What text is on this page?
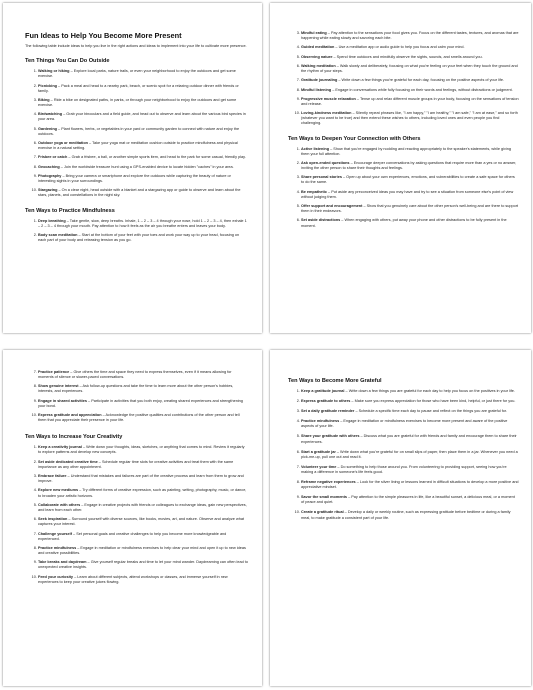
Fun Ideas to Help You Become More Present
The following table include ideas to help you live in the right actions and ideas to implement into your life to cultivate more presence.
Ten Things You Can Do Outside
1. Walking or hiking – Explore local parks, nature trails, or even your neighborhood to enjoy the outdoors and get some exercise.
2. Picnicking – Pack a meal and head to a nearby park, beach, or scenic spot for a relaxing outdoor dinner with friends or family.
3. Biking – Ride a bike on designated paths, in parks, or through your neighborhood to enjoy the outdoors and get some exercise.
4. Birdwatching – Grab your binoculars and a field guide, and head out to observe and learn about the various bird species in your area.
5. Gardening – Plant flowers, herbs, or vegetables in your yard or community garden to connect with nature and enjoy the outdoors.
6. Outdoor yoga or meditation – Take your yoga mat or meditation cushion outside to practice mindfulness and physical exercise in a natural setting.
7. Frisbee or catch – Grab a frisbee, a ball, or another simple sports item, and head to the park for some casual, friendly play.
8. Geocaching – Join the worldwide treasure hunt using a GPS-enabled device to locate hidden "caches" in your area.
9. Photography – Bring your camera or smartphone and explore the outdoors while capturing the beauty of nature or interesting sights in your surroundings.
10. Stargazing – On a clear night, head outside with a blanket and a stargazing app or guide to observe and learn about the stars, planets, and constellations in the night sky.
Ten Ways to Practice Mindfulness
1. Deep breathing – Take gentle, slow, deep breaths. Inhale, 1 – 2 – 3 – 4 through your nose, hold 1 – 2 – 3 – 4, then exhale 1 – 2 – 3 – 4 through your mouth. Pay attention to how it feels as the air you breathe enters and leaves your body.
2. Body scan meditation – Start at the bottom of your feet with your toes and work your way up to your head, focusing on each part of your body and releasing tension as you go.
3. Mindful eating – Pay attention to the sensations your food gives you. Focus on the different tastes, textures, and aromas that are happening while eating slowly and savoring each bite.
4. Guided meditation – Use a meditation app or audio guide to help you focus and calm your mind.
5. Observing nature – Spend time outdoors and mindfully observe the sights, sounds, and smells around you.
6. Walking meditation – Walk slowly and deliberately, focusing on what you're feeling on your feet when they touch the ground and the rhythm of your steps.
7. Gratitude journaling – Write down a few things you're grateful for each day, focusing on the positive aspects of your life.
8. Mindful listening – Engage in conversations while fully focusing on their words and feelings, without distractions or judgment.
9. Progressive muscle relaxation – Tense up and relax different muscle groups in your body, focusing on the sensations of tension and release.
10. Loving-kindness meditation – Silently repeat phrases like, "I am happy," "I am healthy," "I am safe," "I am at ease," and so forth (whatever you want to be true) and then extend these wishes to others, including loved ones and even people you find challenging.
Ten Ways to Deepen Your Connection with Others
1. Active listening – Show that you're engaged by nodding and reacting appropriately to the speaker's statements, while giving them your full attention.
2. Ask open-ended questions – Encourage deeper conversations by asking questions that require more than a yes or no answer, inviting the other person to share their thoughts and feelings.
3. Share personal stories – Open up about your own experiences, emotions, and vulnerabilities to create a safe space for others to do the same.
4. Be empathetic – Put aside any preconceived ideas you may have and try to see a situation from someone else's point of view without judging them.
5. Offer support and encouragement – Show that you genuinely care about the other person's well-being and are there to support them in their endeavors.
6. Set aside distractions – When engaging with others, put away your phone and other distractions to be fully present in the moment.
7. Practice patience – Give others the time and space they need to express themselves, even if it means allowing for moments of silence or slower-paced conversations.
8. Show genuine interest – Ask follow-up questions and take the time to learn more about the other person's hobbies, interests, and experiences.
9. Engage in shared activities – Participate in activities that you both enjoy, creating shared experiences and strengthening your bond.
10. Express gratitude and appreciation – Acknowledge the positive qualities and contributions of the other person and tell them that you appreciate their presence in your life.
Ten Ways to Increase Your Creativity
1. Keep a creativity journal – Write down your thoughts, ideas, sketches, or anything that comes to mind. Review it regularly to explore patterns and develop new concepts.
2. Set aside dedicated creative time – Schedule regular time slots for creative activities and treat them with the same importance as any other appointment.
3. Embrace failure – Understand that mistakes and failures are part of the creative process and learn from them to grow and improve.
4. Explore new mediums – Try different forms of creative expression, such as painting, writing, photography, music, or dance, to broaden your artistic horizons.
5. Collaborate with others – Engage in creative projects with friends or colleagues to exchange ideas, gain new perspectives, and learn from each other.
6. Seek inspiration – Surround yourself with diverse sources, like books, movies, art, and nature. Observe and analyze what captures your interest.
7. Challenge yourself – Set personal goals and creative challenges to help you become more knowledgeable and experienced.
8. Practice mindfulness – Engage in meditation or mindfulness exercises to help clear your mind and open it up to new ideas and creative possibilities.
9. Take breaks and daydream – Give yourself regular breaks and time to let your mind wander. Daydreaming can often lead to unexpected creative insights.
10. Feed your curiosity – Learn about different subjects, attend workshops or classes, and immerse yourself in new experiences to keep your creative juices flowing.
Ten Ways to Become More Grateful
1. Keep a gratitude journal – Write down a few things you are grateful for each day to help you focus on the positives in your life.
2. Express gratitude to others – Make sure you express appreciation for those who have been kind, helpful, or just there for you.
3. Set a daily gratitude reminder – Schedule a specific time each day to pause and reflect on the things you are grateful for.
4. Practice mindfulness – Engage in meditation or mindfulness exercises to become more present and aware of the positive aspects of your life.
5. Share your gratitude with others – Discuss what you are grateful for with friends and family and encourage them to share their experiences.
6. Start a gratitude jar – Write down what you're grateful for on small slips of paper, then place them in a jar. Whenever you need a pick-me-up, pull one out and read it.
7. Volunteer your time – Do something to help those around you. From volunteering to providing support, seeing how you're making a difference in someone's life feels good.
8. Reframe negative experiences – Look for the silver lining or lessons learned in difficult situations to develop a more positive and appreciative mindset.
9. Savor the small moments – Pay attention to the simple pleasures in life, like a beautiful sunset, a delicious meal, or a moment of peace and quiet.
10. Create a gratitude ritual – Develop a daily or weekly routine, such as expressing gratitude before bedtime or during a family meal, to make gratitude a consistent part of your life.
